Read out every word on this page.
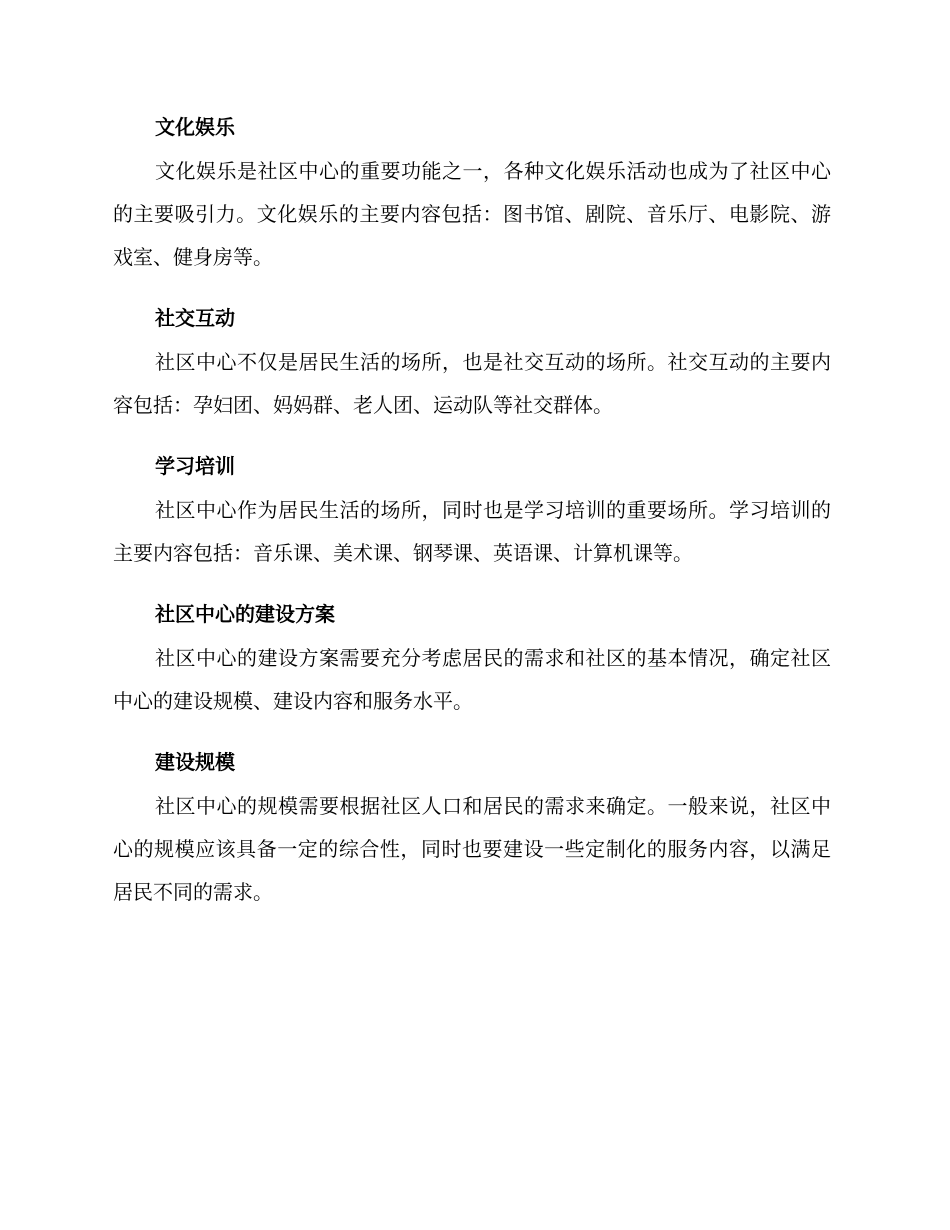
文化娱乐

文化娱乐是社区中心的重要功能之一，各种文化娱乐活动也成为了社区中心的主要吸引力。文化娱乐的主要内容包括：图书馆、剧院、音乐厅、电影院、游戏室、健身房等。

社交互动

社区中心不仅是居民生活的场所，也是社交互动的场所。社交互动的主要内容包括：孕妇团、妈妈群、老人团、运动队等社交群体。

学习培训

社区中心作为居民生活的场所，同时也是学习培训的重要场所。学习培训的主要内容包括：音乐课、美术课、钢琴课、英语课、计算机课等。

社区中心的建设方案

社区中心的建设方案需要充分考虑居民的需求和社区的基本情况，确定社区中心的建设规模、建设内容和服务水平。

建设规模

社区中心的规模需要根据社区人口和居民的需求来确定。一般来说，社区中心的规模应该具备一定的综合性，同时也要建设一些定制化的服务内容，以满足居民不同的需求。
